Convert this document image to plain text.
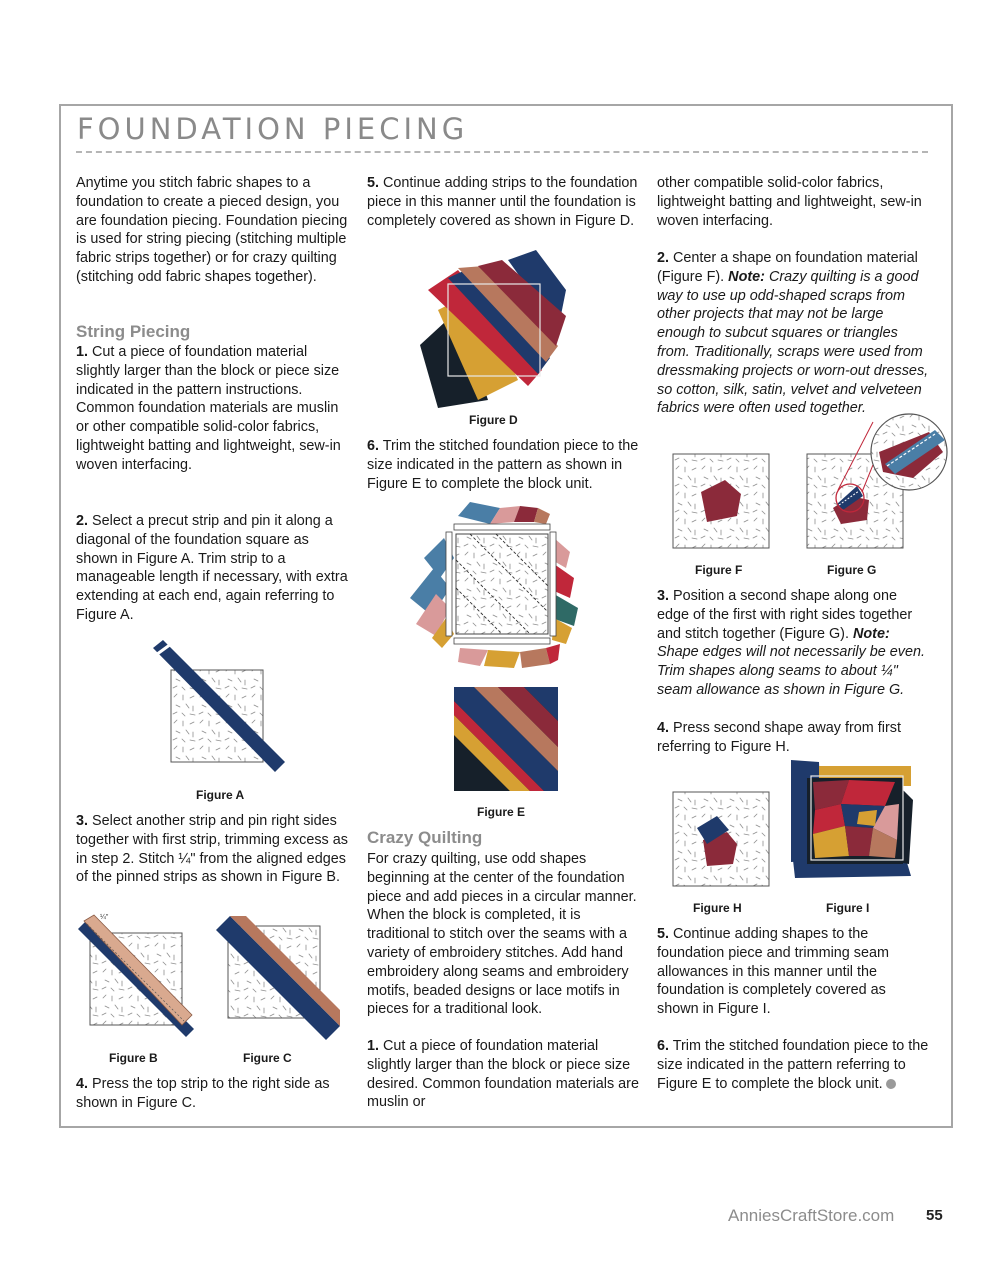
FOUNDATION PIECING

Anytime you stitch fabric shapes to a foundation to create a pieced design, you are foundation piecing. Foundation piecing is used for string piecing (stitching multiple fabric strips together) or for crazy quilting (stitching odd fabric shapes together).

String Piecing

1. Cut a piece of foundation material slightly larger than the block or piece size indicated in the pattern instructions. Common foundation materials are muslin or other compatible solid-color fabrics, lightweight batting and lightweight, sew-in woven interfacing.

2. Select a precut strip and pin it along a diagonal of the foundation square as shown in Figure A. Trim strip to a manageable length if necessary, with extra extending at each end, again referring to Figure A.

Figure A

3. Select another strip and pin right sides together with first strip, trimming excess as in step 2. Stitch ¼" from the aligned edges of the pinned strips as shown in Figure B.

¼"

Figure B	Figure C

4. Press the top strip to the right side as shown in Figure C.

5. Continue adding strips to the foundation piece in this manner until the foundation is completely covered as shown in Figure D.

Figure D

6. Trim the stitched foundation piece to the size indicated in the pattern as shown in Figure E to complete the block unit.

Figure E

Crazy Quilting

For crazy quilting, use odd shapes beginning at the center of the foundation piece and add pieces in a circular manner. When the block is completed, it is traditional to stitch over the seams with a variety of embroidery stitches. Add hand embroidery along seams and embroidery motifs, beaded designs or lace motifs in pieces for a traditional look.

1. Cut a piece of foundation material slightly larger than the block or piece size desired. Common foundation materials are muslin or

other compatible solid-color fabrics, lightweight batting and lightweight, sew-in woven interfacing.

2. Center a shape on foundation material (Figure F). Note: Crazy quilting is a good way to use up odd-shaped scraps from other projects that may not be large enough to subcut squares or triangles from. Traditionally, scraps were used from dressmaking projects or worn-out dresses, so cotton, silk, satin, velvet and velveteen fabrics were often used together.

Figure F	Figure G

3. Position a second shape along one edge of the first with right sides together and stitch together (Figure G). Note: Shape edges will not necessarily be even. Trim shapes along seams to about ¼" seam allowance as shown in Figure G.

4. Press second shape away from first referring to Figure H.

Figure H	Figure I

5. Continue adding shapes to the foundation piece and trimming seam allowances in this manner until the foundation is completely covered as shown in Figure I.

6. Trim the stitched foundation piece to the size indicated in the pattern referring to Figure E to complete the block unit.

AnniesCraftStore.com 55
